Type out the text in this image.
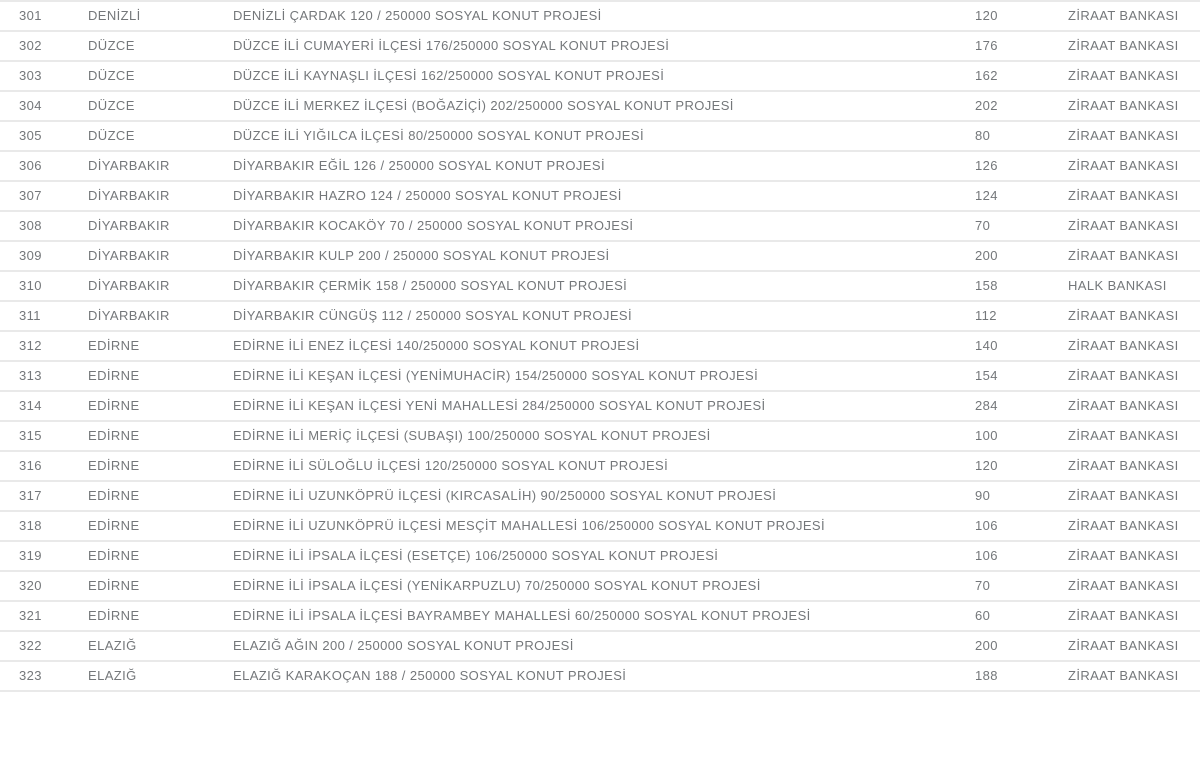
301	DENİZLİ	DENİZLİ ÇARDAK 120 / 250000 SOSYAL KONUT PROJESİ	120	ZİRAAT BANKASI
302	DÜZCE	DÜZCE İLİ CUMAYERİ İLÇESİ 176/250000 SOSYAL KONUT PROJESİ	176	ZİRAAT BANKASI
303	DÜZCE	DÜZCE İLİ KAYNAŞLI İLÇESİ 162/250000 SOSYAL KONUT PROJESİ	162	ZİRAAT BANKASI
304	DÜZCE	DÜZCE İLİ MERKEZ İLÇESİ (BOĞAZİÇİ) 202/250000 SOSYAL KONUT PROJESİ	202	ZİRAAT BANKASI
305	DÜZCE	DÜZCE İLİ YIĞILCA İLÇESİ 80/250000 SOSYAL KONUT PROJESİ	80	ZİRAAT BANKASI
306	DİYARBAKIR	DİYARBAKIR EĞİL 126 / 250000 SOSYAL KONUT PROJESİ	126	ZİRAAT BANKASI
307	DİYARBAKIR	DİYARBAKIR HAZRO 124 / 250000 SOSYAL KONUT PROJESİ	124	ZİRAAT BANKASI
308	DİYARBAKIR	DİYARBAKIR KOCAKÖY 70 / 250000 SOSYAL KONUT PROJESİ	70	ZİRAAT BANKASI
309	DİYARBAKIR	DİYARBAKIR KULP 200 / 250000 SOSYAL KONUT PROJESİ	200	ZİRAAT BANKASI
310	DİYARBAKIR	DİYARBAKIR ÇERMİK 158 / 250000 SOSYAL KONUT PROJESİ	158	HALK BANKASI
311	DİYARBAKIR	DİYARBAKIR CÜNGÜŞ 112 / 250000 SOSYAL KONUT PROJESİ	112	ZİRAAT BANKASI
312	EDİRNE	EDİRNE İLİ ENEZ İLÇESİ 140/250000 SOSYAL KONUT PROJESİ	140	ZİRAAT BANKASI
313	EDİRNE	EDİRNE İLİ KEŞAN İLÇESİ (YENİMUHACİR) 154/250000 SOSYAL KONUT PROJESİ	154	ZİRAAT BANKASI
314	EDİRNE	EDİRNE İLİ KEŞAN İLÇESİ YENİ MAHALLESİ 284/250000 SOSYAL KONUT PROJESİ	284	ZİRAAT BANKASI
315	EDİRNE	EDİRNE İLİ MERİÇ İLÇESİ (SUBAŞI) 100/250000 SOSYAL KONUT PROJESİ	100	ZİRAAT BANKASI
316	EDİRNE	EDİRNE İLİ SÜLOĞLU İLÇESİ 120/250000 SOSYAL KONUT PROJESİ	120	ZİRAAT BANKASI
317	EDİRNE	EDİRNE İLİ UZUNKÖPRÜ İLÇESİ (KIRCASALİH) 90/250000 SOSYAL KONUT PROJESİ	90	ZİRAAT BANKASI
318	EDİRNE	EDİRNE İLİ UZUNKÖPRÜ İLÇESİ MESÇİT MAHALLESİ 106/250000 SOSYAL KONUT PROJESİ	106	ZİRAAT BANKASI
319	EDİRNE	EDİRNE İLİ İPSALA İLÇESİ (ESETÇE) 106/250000 SOSYAL KONUT PROJESİ	106	ZİRAAT BANKASI
320	EDİRNE	EDİRNE İLİ İPSALA İLÇESİ (YENİKARPUZLU) 70/250000 SOSYAL KONUT PROJESİ	70	ZİRAAT BANKASI
321	EDİRNE	EDİRNE İLİ İPSALA İLÇESİ BAYRAMBEY MAHALLESİ 60/250000 SOSYAL KONUT PROJESİ	60	ZİRAAT BANKASI
322	ELAZIĞ	ELAZIĞ AĞIN 200 / 250000 SOSYAL KONUT PROJESİ	200	ZİRAAT BANKASI
323	ELAZIĞ	ELAZIĞ KARAKOÇAN 188 / 250000 SOSYAL KONUT PROJESİ	188	ZİRAAT BANKASI
